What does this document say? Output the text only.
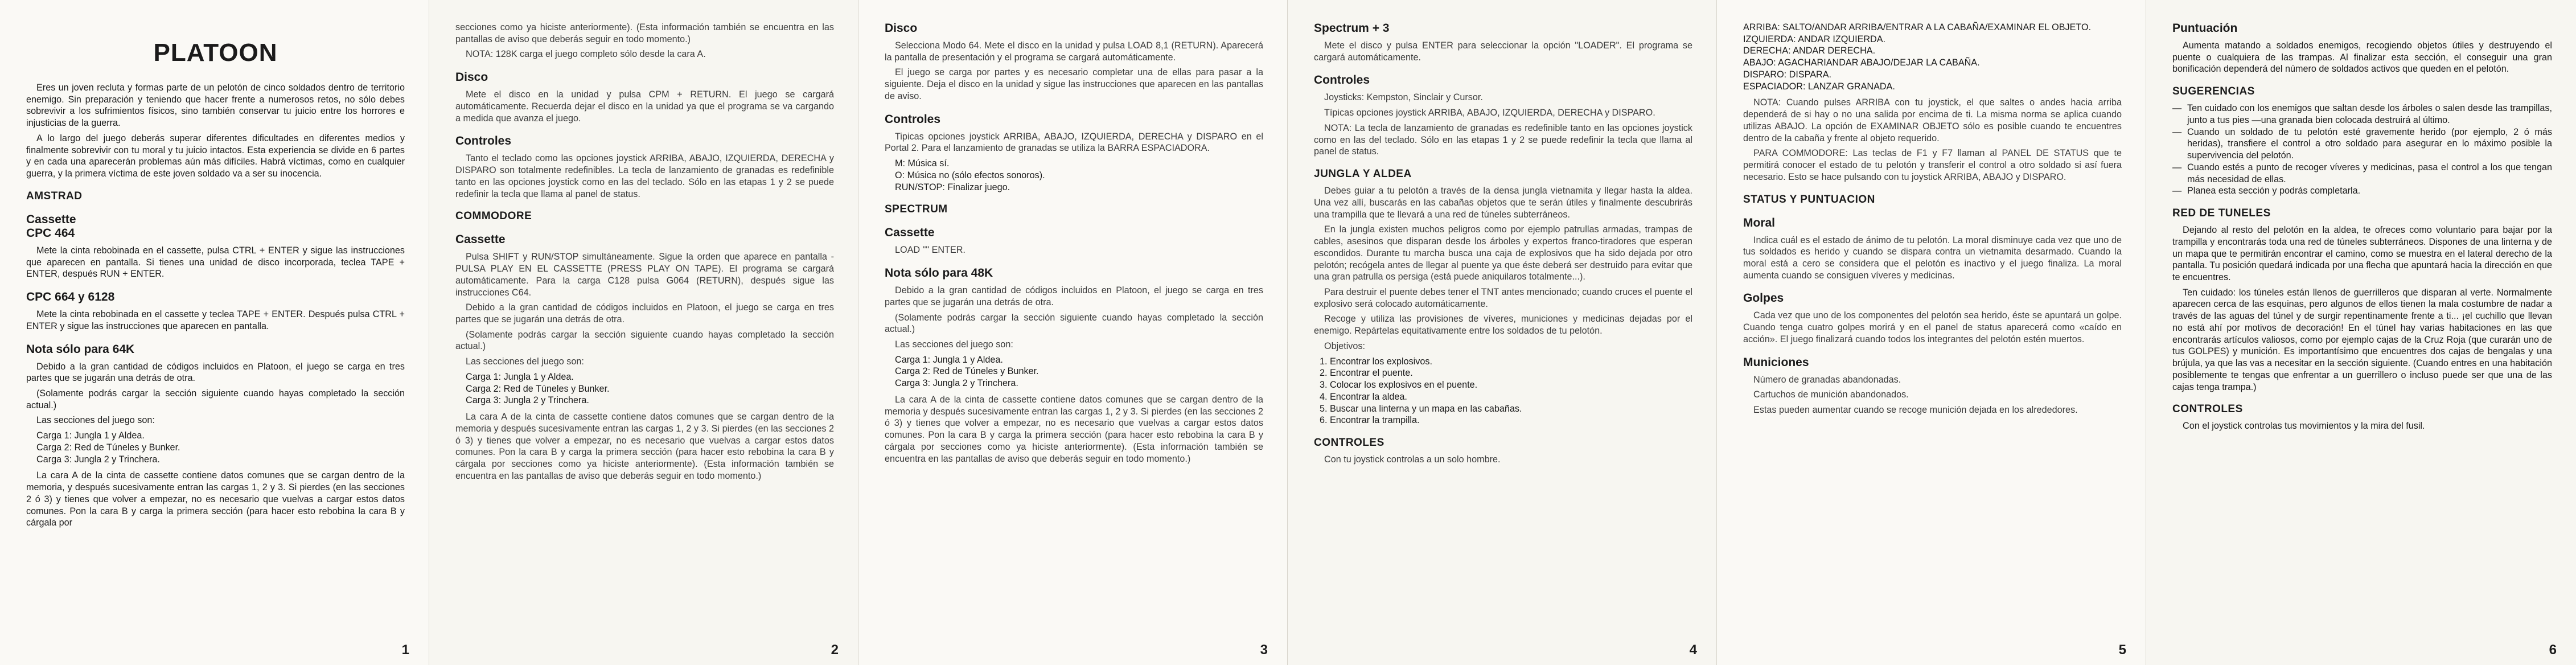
PLATOON

Eres un joven recluta y formas parte de un pelotón de cinco soldados dentro de territorio enemigo. Sin preparación y teniendo que hacer frente a numerosos retos, no sólo debes sobrevivir a los sufrimientos físicos, sino también conservar tu juicio entre los horrores e injusticias de la guerra.

A lo largo del juego deberás superar diferentes dificultades en diferentes medios y finalmente sobrevivir con tu moral y tu juicio intactos. Esta experiencia se divide en 6 partes y en cada una aparecerán problemas aún más difíciles. Habrá víctimas, como en cualquier guerra, y la primera víctima de este joven soldado va a ser su inocencia.

AMSTRAD
Cassette
CPC 464

Mete la cinta rebobinada en el cassette, pulsa CTRL + ENTER y sigue las instrucciones que aparecen en pantalla. Si tienes una unidad de disco incorporada, teclea TAPE + ENTER, después RUN + ENTER.

CPC 664 y 6128

Mete la cinta rebobinada en el cassette y teclea TAPE + ENTER. Después pulsa CTRL + ENTER y sigue las instrucciones que aparecen en pantalla.

Nota sólo para 64K

Debido a la gran cantidad de códigos incluidos en Platoon, el juego se carga en tres partes que se jugarán una detrás de otra.

(Solamente podrás cargar la sección siguiente cuando hayas completado la sección actual.)

Las secciones del juego son:

Carga 1: Jungla 1 y Aldea.
Carga 2: Red de Túneles y Bunker.
Carga 3: Jungla 2 y Trinchera.

La cara A de la cinta de cassette contiene datos comunes que se cargan dentro de la memoria, y después sucesivamente entran las cargas 1, 2 y 3. Si pierdes (en las secciones 2 ó 3) y tienes que volver a empezar, no es necesario que vuelvas a cargar estos datos comunes. Pon la cara B y carga la primera sección (para hacer esto rebobina la cara B y cárgala por

1

secciones como ya hiciste anteriormente). (Esta información también se encuentra en las pantallas de aviso que deberás seguir en todo momento.)

NOTA: 128K carga el juego completo sólo desde la cara A.

Disco

Mete el disco en la unidad y pulsa CPM + RETURN. El juego se cargará automáticamente. Recuerda dejar el disco en la unidad ya que el programa se va cargando a medida que avanza el juego.

Controles

Tanto el teclado como las opciones joystick ARRIBA, ABAJO, IZQUIERDA, DERECHA y DISPARO son totalmente redefinibles. La tecla de lanzamiento de granadas es redefinible tanto en las opciones joystick como en las del teclado. Sólo en las etapas 1 y 2 se puede redefinir la tecla que llama al panel de status.

COMMODORE
Cassette

Pulsa SHIFT y RUN/STOP simultáneamente. Sigue la orden que aparece en pantalla - PULSA PLAY EN EL CASSETTE (PRESS PLAY ON TAPE). El programa se cargará automáticamente. Para la carga C128 pulsa G064 (RETURN), después sigue las instrucciones C64.

Debido a la gran cantidad de códigos incluidos en Platoon, el juego se carga en tres partes que se jugarán una detrás de otra.

(Solamente podrás cargar la sección siguiente cuando hayas completado la sección actual.)

Las secciones del juego son:

Carga 1: Jungla 1 y Aldea.
Carga 2: Red de Túneles y Bunker.
Carga 3: Jungla 2 y Trinchera.

La cara A de la cinta de cassette contiene datos comunes que se cargan dentro de la memoria y después sucesivamente entran las cargas 1, 2 y 3. Si pierdes (en las secciones 2 ó 3) y tienes que volver a empezar, no es necesario que vuelvas a cargar estos datos comunes. Pon la cara B y carga la primera sección (para hacer esto rebobina la cara B y cárgala por secciones como ya hiciste anteriormente). (Esta información también se encuentra en las pantallas de aviso que deberás seguir en todo momento.)

2
Disco

Selecciona Modo 64. Mete el disco en la unidad y pulsa LOAD 8,1 (RETURN). Aparecerá la pantalla de presentación y el programa se cargará automáticamente.

El juego se carga por partes y es necesario completar una de ellas para pasar a la siguiente. Deja el disco en la unidad y sigue las instrucciones que aparecen en las pantallas de aviso.

Controles

Tipicas opciones joystick ARRIBA, ABAJO, IZQUIERDA, DERECHA y DISPARO en el Portal 2. Para el lanzamiento de granadas se utiliza la BARRA ESPACIADORA.

M: Música sí.
O: Música no (sólo efectos sonoros).
RUN/STOP: Finalizar juego.
SPECTRUM
Cassette

LOAD "" ENTER.

Nota sólo para 48K

Debido a la gran cantidad de códigos incluidos en Platoon, el juego se carga en tres partes que se jugarán una detrás de otra.

(Solamente podrás cargar la sección siguiente cuando hayas completado la sección actual.)

Las secciones del juego son:

Carga 1: Jungla 1 y Aldea.
Carga 2: Red de Túneles y Bunker.
Carga 3: Jungla 2 y Trinchera.

La cara A de la cinta de cassette contiene datos comunes que se cargan dentro de la memoria y después sucesivamente entran las cargas 1, 2 y 3. Si pierdes (en las secciones 2 ó 3) y tienes que volver a empezar, no es necesario que vuelvas a cargar estos datos comunes. Pon la cara B y carga la primera sección (para hacer esto rebobina la cara B y cárgala por secciones como ya hiciste anteriormente). (Esta información también se encuentra en las pantallas de aviso que deberás seguir en todo momento.)

3
Spectrum + 3

Mete el disco y pulsa ENTER para seleccionar la opción "LOADER". El programa se cargará automáticamente.

Controles

Joysticks: Kempston, Sinclair y Cursor.

Típicas opciones joystick ARRIBA, ABAJO, IZQUIERDA, DERECHA y DISPARO.

NOTA: La tecla de lanzamiento de granadas es redefinible tanto en las opciones joystick como en las del teclado. Sólo en las etapas 1 y 2 se puede redefinir la tecla que llama al panel de status.

JUNGLA Y ALDEA

Debes guiar a tu pelotón a través de la densa jungla vietnamita y llegar hasta la aldea. Una vez allí, buscarás en las cabañas objetos que te serán útiles y finalmente descubrirás una trampilla que te llevará a una red de túneles subterráneos.

En la jungla existen muchos peligros como por ejemplo patrullas armadas, trampas de cables, asesinos que disparan desde los árboles y expertos franco-tiradores que esperan escondidos. Durante tu marcha busca una caja de explosivos que ha sido dejada por otro pelotón; recógela antes de llegar al puente ya que éste deberá ser destruido para evitar que una gran patrulla os persiga (está puede aniquilaros totalmente...).

Para destruir el puente debes tener el TNT antes mencionado; cuando cruces el puente el explosivo será colocado automáticamente.

Recoge y utiliza las provisiones de víveres, municiones y medicinas dejadas por el enemigo. Repártelas equitativamente entre los soldados de tu pelotón.

Objetivos:

1. Encontrar los explosivos.
2. Encontrar el puente.
3. Colocar los explosivos en el puente.
4. Encontrar la aldea.
5. Buscar una linterna y un mapa en las cabañas.
6. Encontrar la trampilla.
CONTROLES

Con tu joystick controlas a un solo hombre.

4
ARRIBA: SALTO/ANDAR ARRIBA/ENTRAR A LA CABAÑA/EXAMINAR EL OBJETO.
IZQUIERDA: ANDAR IZQUIERDA.
DERECHA: ANDAR DERECHA.
ABAJO: AGACHARIANDAR ABAJO/DEJAR LA CABAÑA.
DISPARO: DISPARA.
ESPACIADOR: LANZAR GRANADA.

NOTA: Cuando pulses ARRIBA con tu joystick, el que saltes o andes hacia arriba dependerá de si hay o no una salida por encima de ti. La misma norma se aplica cuando utilizas ABAJO. La opción de EXAMINAR OBJETO sólo es posible cuando te encuentres dentro de la cabaña y frente al objeto requerido.

PARA COMMODORE: Las teclas de F1 y F7 llaman al PANEL DE STATUS que te permitirá conocer el estado de tu pelotón y transferir el control a otro soldado si así fuera necesario. Esto se hace pulsando con tu joystick ARRIBA, ABAJO y DISPARO.

STATUS Y PUNTUACION
Moral

Indica cuál es el estado de ánimo de tu pelotón. La moral disminuye cada vez que uno de tus soldados es herido y cuando se dispara contra un vietnamita desarmado. Cuando la moral está a cero se considera que el pelotón es inactivo y el juego finaliza. La moral aumenta cuando se consiguen víveres y medicinas.

Golpes

Cada vez que uno de los componentes del pelotón sea herido, éste se apuntará un golpe. Cuando tenga cuatro golpes morirá y en el panel de status aparecerá como «caído en acción». El juego finalizará cuando todos los integrantes del pelotón estén muertos.

Municiones

Número de granadas abandonadas.

Cartuchos de munición abandonados.

Estas pueden aumentar cuando se recoge munición dejada en los alrededores.

5
Puntuación

Aumenta matando a soldados enemigos, recogiendo objetos útiles y destruyendo el puente o cualquiera de las trampas. Al finalizar esta sección, el conseguir una gran bonificación dependerá del número de soldados activos que queden en el pelotón.

SUGERENCIAS
— Ten cuidado con los enemigos que saltan desde los árboles o salen desde las trampillas, junto a tus pies —una granada bien colocada destruirá al último.
— Cuando un soldado de tu pelotón esté gravemente herido (por ejemplo, 2 ó más heridas), transfiere el control a otro soldado para asegurar en lo máximo posible la supervivencia del pelotón.
— Cuando estés a punto de recoger víveres y medicinas, pasa el control a los que tengan más necesidad de ellas.
— Planea esta sección y podrás completarla.
RED DE TUNELES

Dejando al resto del pelotón en la aldea, te ofreces como voluntario para bajar por la trampilla y encontrarás toda una red de túneles subterráneos. Dispones de una linterna y de un mapa que te permitirán encontrar el camino, como se muestra en el lateral derecho de la pantalla. Tu posición quedará indicada por una flecha que apuntará hacia la dirección en que te encuentres.

Ten cuidado: los túneles están llenos de guerrilleros que disparan al verte. Normalmente aparecen cerca de las esquinas, pero algunos de ellos tienen la mala costumbre de nadar a través de las aguas del túnel y de surgir repentinamente frente a ti... ¡el cuchillo que llevan no está ahí por motivos de decoración! En el túnel hay varias habitaciones en las que encontrarás artículos valiosos, como por ejemplo cajas de la Cruz Roja (que curarán uno de tus GOLPES) y munición. Es importantísimo que encuentres dos cajas de bengalas y una brújula, ya que las vas a necesitar en la sección siguiente. (Cuando entres en una habitación posiblemente te tengas que enfrentar a un guerrillero o incluso puede ser que una de las cajas tenga trampa.)

CONTROLES

Con el joystick controlas tus movimientos y la mira del fusil.

6
